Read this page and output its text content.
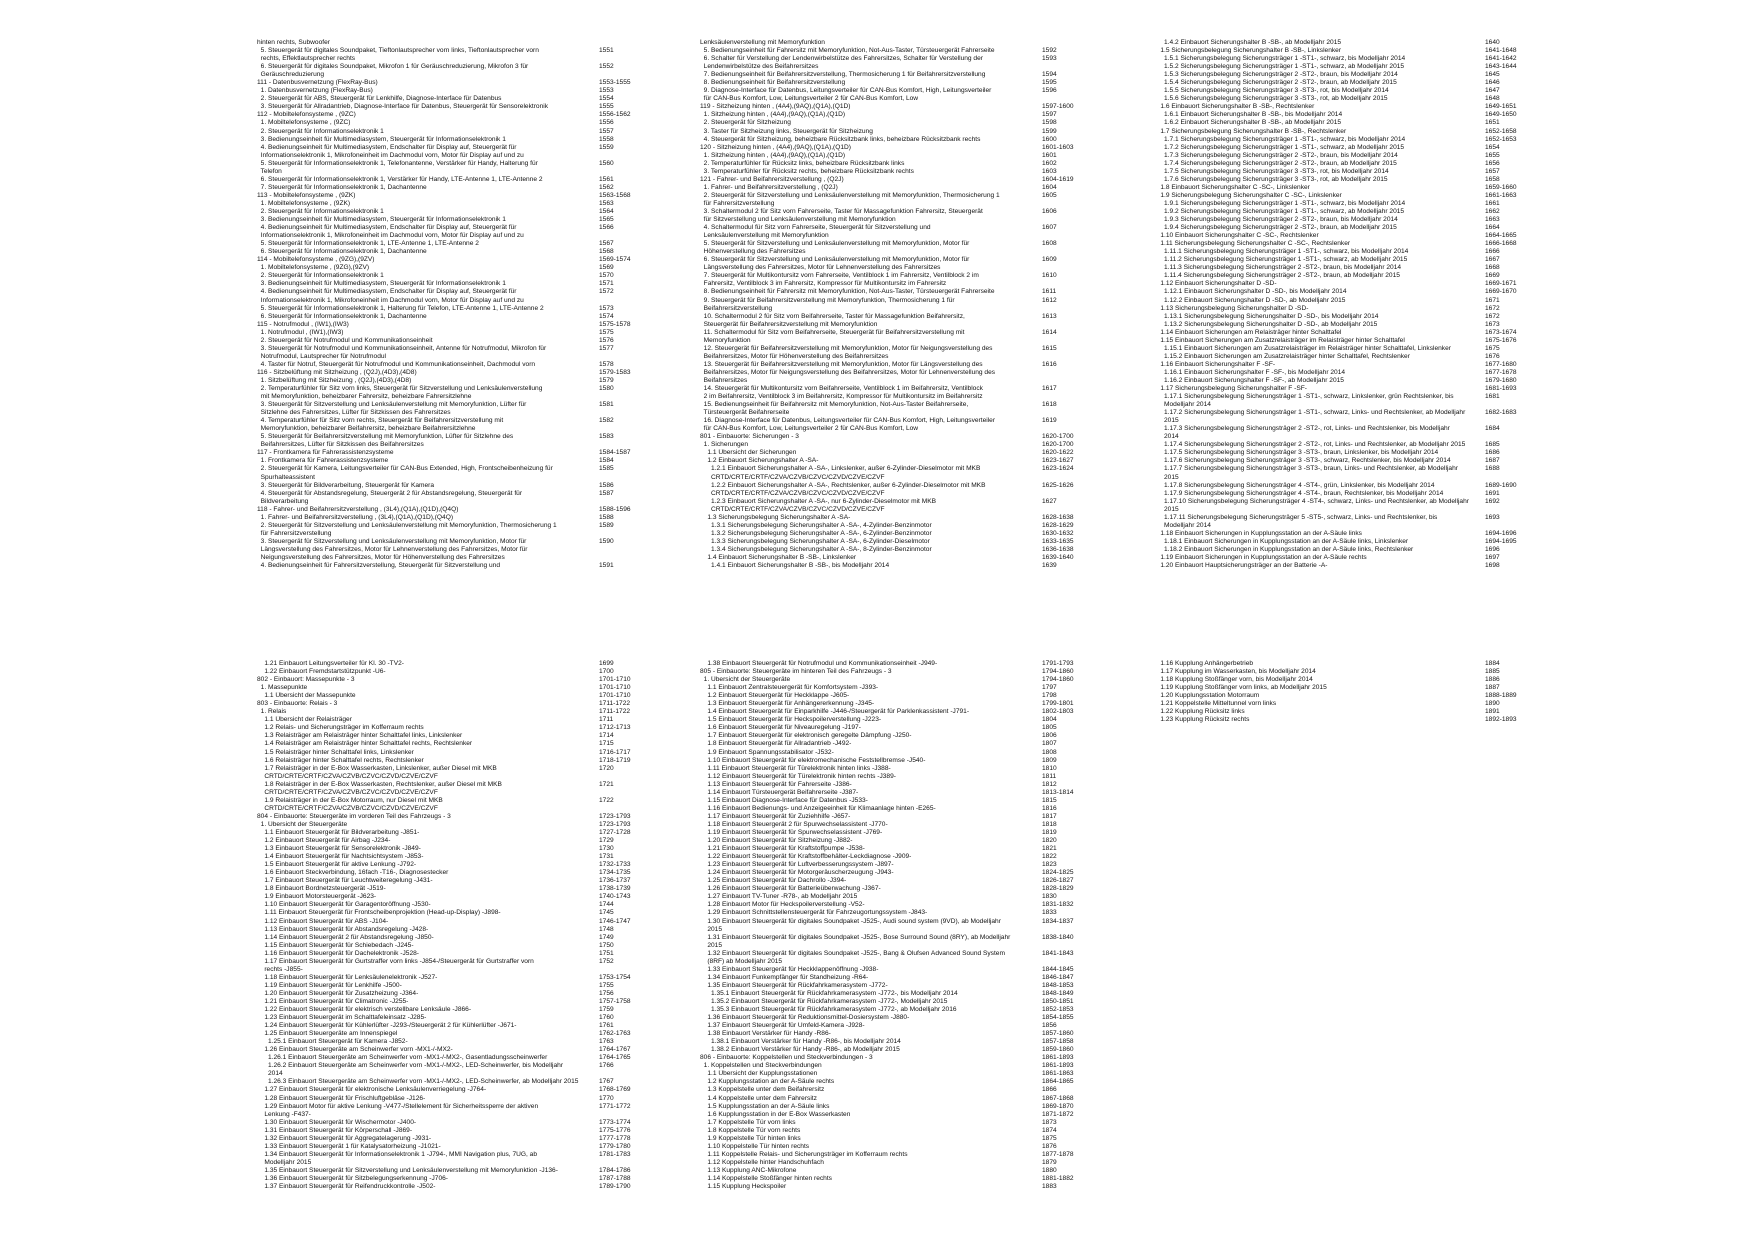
hinten rechts, Subwoofer
5. Steuergerät für digitales Soundpaket, Tieftonlautsprecher vorn links, Tieftonlautsprecher vorn	1551
rechts, Effektlautsprecher rechts
6. Steuergerät für digitales Soundpaket, Mikrofon 1 für Geräuschreduzierung, Mikrofon 3 für	1552
Geräuschreduzierung
111 - Datenbusvernetzung (FlexRay-Bus)	1553-1555
1. Datenbusvernetzung (FlexRay-Bus)	1553
2. Steuergerät für ABS, Steuergerät für Lenkhilfe, Diagnose-Interface für Datenbus	1554
3. Steuergerät für Allradantrieb, Diagnose-Interface für Datenbus, Steuergerät für Sensorelektronik	1555
112 - Mobiltelefonsysteme , (9ZC)	1556-1562
1. Mobiltelefonsysteme , (9ZC)	1556
2. Steuergerät für Informationselektronik 1	1557
3. Bedienungseinheit für Multimediasystem, Steuergerät für Informationselektronik 1	1558
4. Bedienungseinheit für Multimediasystem, Endschalter für Display auf, Steuergerät für	1559
Informationselektronik 1, Mikrofoneinheit im Dachmodul vorn, Motor für Display auf und zu
5. Steuergerät für Informationselektronik 1, Telefonantenne, Verstärker für Handy, Halterung für	1560
Telefon
6. Steuergerät für Informationselektronik 1, Verstärker für Handy, LTE-Antenne 1, LTE-Antenne 2	1561
7. Steuergerät für Informationselektronik 1, Dachantenne	1562
113 - Mobiltelefonsysteme , (9ZK)	1563-1568
1. Mobiltelefonsysteme , (9ZK)	1563
2. Steuergerät für Informationselektronik 1	1564
3. Bedienungseinheit für Multimediasystem, Steuergerät für Informationselektronik 1	1565
4. Bedienungseinheit für Multimediasystem, Endschalter für Display auf, Steuergerät für	1566
Informationselektronik 1, Mikrofoneinheit im Dachmodul vorn, Motor für Display auf und zu
5. Steuergerät für Informationselektronik 1, LTE-Antenne 1, LTE-Antenne 2	1567
6. Steuergerät für Informationselektronik 1, Dachantenne	1568
114 - Mobiltelefonsysteme , (9ZG),(9ZV)	1569-1574
1. Mobiltelefonsysteme , (9ZG),(9ZV)	1569
2. Steuergerät für Informationselektronik 1	1570
3. Bedienungseinheit für Multimediasystem, Steuergerät für Informationselektronik 1	1571
4. Bedienungseinheit für Multimediasystem, Endschalter für Display auf, Steuergerät für	1572
Informationselektronik 1, Mikrofoneinheit im Dachmodul vorn, Motor für Display auf und zu
5. Steuergerät für Informationselektronik 1, Halterung für Telefon, LTE-Antenne 1, LTE-Antenne 2	1573
6. Steuergerät für Informationselektronik 1, Dachantenne	1574
115 - Notrufmodul , (IW1),(IW3)	1575-1578
1. Notrufmodul , (IW1),(IW3)	1575
2. Steuergerät für Notrufmodul und Kommunikationseinheit	1576
3. Steuergerät für Notrufmodul und Kommunikationseinheit, Antenne für Notrufmodul, Mikrofon für	1577
Notrufmodul, Lautsprecher für Notrufmodul
4. Taster für Notruf, Steuergerät für Notrufmodul und Kommunikationseinheit, Dachmodul vorn	1578
116 - Sitzbelüftung mit Sitzheizung , (Q2J),(4D3),(4D8)	1579-1583
1. Sitzbelüftung mit Sitzheizung , (Q2J),(4D3),(4D8)	1579
2. Temperaturfühler für Sitz vorn links, Steuergerät für Sitzverstellung und Lenksäulenverstellung	1580
mit Memoryfunktion, beheizbarer Fahrersitz, beheizbare Fahrersitzlehne
3. Steuergerät für Sitzverstellung und Lenksäulenverstellung mit Memoryfunktion, Lüfter für	1581
Sitzlehne des Fahrersitzes, Lüfter für Sitzkissen des Fahrersitzes
4. Temperaturfühler für Sitz vorn rechts, Steuergerät für Beifahrersitzverstellung mit	1582
Memoryfunktion, beheizbarer Beifahrersitz, beheizbare Beifahrersitzlehne
5. Steuergerät für Beifahrersitzverstellung mit Memoryfunktion, Lüfter für Sitzlehne des	1583
Beifahrersitzes, Lüfter für Sitzkissen des Beifahrersitzes
117 - Frontkamera für Fahrerassistenzsysteme	1584-1587
1. Frontkamera für Fahrerassistenzsysteme	1584
2. Steuergerät für Kamera, Leitungsverteiler für CAN-Bus Extended, High, Frontscheibenheizung für	1585
Spurhalteassistent
3. Steuergerät für Bildverarbeitung, Steuergerät für Kamera	1586
4. Steuergerät für Abstandsregelung, Steuergerät 2 für Abstandsregelung, Steuergerät für	1587
Bildverarbeitung
118 - Fahrer- und Beifahrersitzverstellung , (3L4),(Q1A),(Q1D),(Q4Q)	1588-1596
1. Fahrer- und Beifahrersitzverstellung , (3L4),(Q1A),(Q1D),(Q4Q)	1588
2. Steuergerät für Sitzverstellung und Lenksäulenverstellung mit Memoryfunktion, Thermosicherung 1	1589
für Fahrersitzverstellung
3. Steuergerät für Sitzverstellung und Lenksäulenverstellung mit Memoryfunktion, Motor für	1590
Längsverstellung des Fahrersitzes, Motor für Lehnenverstellung des Fahrersitzes, Motor für
Neigungsverstellung des Fahrersitzes, Motor für Höhenverstellung des Fahrersitzes
4. Bedienungseinheit für Fahrersitzverstellung, Steuergerät für Sitzverstellung und	1591
Lenksäulenverstellung mit Memoryfunktion
5. Bedienungseinheit für Fahrersitz mit Memoryfunktion, Not-Aus-Taster, Türsteuergerät Fahrerseite	1592
6. Schalter für Verstellung der Lendenwirbelstütze des Fahrersitzes, Schalter für Verstellung der	1593
Lendenwirbelstütze des Beifahrersitzes
7. Bedienungseinheit für Beifahrersitzverstellung, Thermosicherung 1 für Beifahrersitzverstellung	1594
8. Bedienungseinheit für Beifahrersitzverstellung	1595
9. Diagnose-Interface für Datenbus, Leitungsverteiler für CAN-Bus Komfort, High, Leitungsverteiler	1596
für CAN-Bus Komfort, Low, Leitungsverteiler 2 für CAN-Bus Komfort, Low
119 - Sitzheizung hinten , (4A4),(9AQ),(Q1A),(Q1D)	1597-1600
1. Sitzheizung hinten , (4A4),(9AQ),(Q1A),(Q1D)	1597
2. Steuergerät für Sitzheizung	1598
3. Taster für Sitzheizung links, Steuergerät für Sitzheizung	1599
4. Steuergerät für Sitzheizung, beheizbare Rücksitzbank links, beheizbare Rücksitzbank rechts	1600
120 - Sitzheizung hinten , (4A4),(9AQ),(Q1A),(Q1D)	1601-1603
1. Sitzheizung hinten , (4A4),(9AQ),(Q1A),(Q1D)	1601
2. Temperaturfühler für Rücksitz links, beheizbare Rücksitzbank links	1602
3. Temperaturfühler für Rücksitz rechts, beheizbare Rücksitzbank rechts	1603
121 - Fahrer- und Beifahrersitzverstellung , (Q2J)	1604-1619
1. Fahrer- und Beifahrersitzverstellung , (Q2J)	1604
2. Steuergerät für Sitzverstellung und Lenksäulenverstellung mit Memoryfunktion, Thermosicherung 1	1605
für Fahrersitzverstellung
3. Schaltermodul 2 für Sitz vorn Fahrerseite, Taster für Massagefunktion Fahrersitz, Steuergerät	1606
für Sitzverstellung und Lenksäulenverstellung mit Memoryfunktion
4. Schaltermodul für Sitz vorn Fahrerseite, Steuergerät für Sitzverstellung und	1607
Lenksäulenverstellung mit Memoryfunktion
5. Steuergerät für Sitzverstellung und Lenksäulenverstellung mit Memoryfunktion, Motor für	1608
Höhenverstellung des Fahrersitzes
6. Steuergerät für Sitzverstellung und Lenksäulenverstellung mit Memoryfunktion, Motor für	1609
Längsverstellung des Fahrersitzes, Motor für Lehnenverstellung des Fahrersitzes
7. Steuergerät für Multikontursitz vorn Fahrerseite, Ventilblock 1 im Fahrersitz, Ventilblock 2 im	1610
Fahrersitz, Ventilblock 3 im Fahrersitz, Kompressor für Multikontursitz im Fahrersitz
8. Bedienungseinheit für Fahrersitz mit Memoryfunktion, Not-Aus-Taster, Türsteuergerät Fahrerseite	1611
9. Steuergerät für Beifahrersitzverstellung mit Memoryfunktion, Thermosicherung 1 für	1612
Beifahrersitzverstellung
10. Schaltermodul 2 für Sitz vorn Beifahrerseite, Taster für Massagefunktion Beifahrersitz,	1613
Steuergerät für Beifahrersitzverstellung mit Memoryfunktion
11. Schaltermodul für Sitz vorn Beifahrerseite, Steuergerät für Beifahrersitzverstellung mit	1614
Memoryfunktion
12. Steuergerät für Beifahrersitzverstellung mit Memoryfunktion, Motor für Neigungsverstellung des	1615
Beifahrersitzes, Motor für Höhenverstellung des Beifahrersitzes
13. Steuergerät für Beifahrersitzverstellung mit Memoryfunktion, Motor für Längsverstellung des	1616
Beifahrersitzes, Motor für Neigungsverstellung des Beifahrersitzes, Motor für Lehnenverstellung des
Beifahrersitzes
14. Steuergerät für Multikontursitz vorn Beifahrerseite, Ventilblock 1 im Beifahrersitz, Ventilblock	1617
2 im Beifahrersitz, Ventilblock 3 im Beifahrersitz, Kompressor für Multikontursitz im Beifahrersitz
15. Bedienungseinheit für Beifahrersitz mit Memoryfunktion, Not-Aus-Taster Beifahrerseite,	1618
Türsteuergerät Beifahrerseite
16. Diagnose-Interface für Datenbus, Leitungsverteiler für CAN-Bus Komfort, High, Leitungsverteiler	1619
für CAN-Bus Komfort, Low, Leitungsverteiler 2 für CAN-Bus Komfort, Low
801 - Einbauorte: Sicherungen - 3	1620-1700
1. Sicherungen	1620-1700
1.1 Übersicht der Sicherungen	1620-1622
1.2 Einbauort Sicherungshalter A -SA-	1623-1627
1.2.1 Einbauort Sicherungshalter A -SA-, Linkslenker, außer 6-Zylinder-Dieselmotor mit MKB	1623-1624
CRTD/CRTE/CRTF/CZVA/CZVB/CZVC/CZVD/CZVE/CZVF
1.2.2 Einbauort Sicherungshalter A -SA-, Rechtslenker, außer 6-Zylinder-Dieselmotor mit MKB	1625-1626
CRTD/CRTE/CRTF/CZVA/CZVB/CZVC/CZVD/CZVE/CZVF
1.2.3 Einbauort Sicherungshalter A -SA-, nur 6-Zylinder-Dieselmotor mit MKB	1627
CRTD/CRTE/CRTF/CZVA/CZVB/CZVC/CZVD/CZVE/CZVF
1.3 Sicherungsbelegung Sicherungshalter A -SA-	1628-1638
1.3.1 Sicherungsbelegung Sicherungshalter A -SA-, 4-Zylinder-Benzinmotor	1628-1629
1.3.2 Sicherungsbelegung Sicherungshalter A -SA-, 6-Zylinder-Benzinmotor	1630-1632
1.3.3 Sicherungsbelegung Sicherungshalter A -SA-, 6-Zylinder-Dieselmotor	1633-1635
1.3.4 Sicherungsbelegung Sicherungshalter A -SA-, 8-Zylinder-Benzinmotor	1636-1638
1.4 Einbauort Sicherungshalter B -SB-, Linkslenker	1639-1640
1.4.1 Einbauort Sicherungshalter B -SB-, bis Modelljahr 2014	1639
1.4.2 Einbauort Sicherungshalter B -SB-, ab Modelljahr 2015	1640
1.5 Sicherungsbelegung Sicherungshalter B -SB-, Linkslenker	1641-1648
1.5.1 Sicherungsbelegung Sicherungsträger 1 -ST1-, schwarz, bis Modelljahr 2014	1641-1642
1.5.2 Sicherungsbelegung Sicherungsträger 1 -ST1-, schwarz, ab Modelljahr 2015	1643-1644
1.5.3 Sicherungsbelegung Sicherungsträger 2 -ST2-, braun, bis Modelljahr 2014	1645
1.5.4 Sicherungsbelegung Sicherungsträger 2 -ST2-, braun, ab Modelljahr 2015	1646
1.5.5 Sicherungsbelegung Sicherungsträger 3 -ST3-, rot, bis Modelljahr 2014	1647
1.5.6 Sicherungsbelegung Sicherungsträger 3 -ST3-, rot, ab Modelljahr 2015	1648
1.6 Einbauort Sicherungshalter B -SB-, Rechtslenker	1649-1651
1.6.1 Einbauort Sicherungshalter B -SB-, bis Modelljahr 2014	1649-1650
1.6.2 Einbauort Sicherungshalter B -SB-, ab Modelljahr 2015	1651
1.7 Sicherungsbelegung Sicherungshalter B -SB-, Rechtslenker	1652-1658
1.7.1 Sicherungsbelegung Sicherungsträger 1 -ST1-, schwarz, bis Modelljahr 2014	1652-1653
1.7.2 Sicherungsbelegung Sicherungsträger 1 -ST1-, schwarz, ab Modelljahr 2015	1654
1.7.3 Sicherungsbelegung Sicherungsträger 2 -ST2-, braun, bis Modelljahr 2014	1655
1.7.4 Sicherungsbelegung Sicherungsträger 2 -ST2-, braun, ab Modelljahr 2015	1656
1.7.5 Sicherungsbelegung Sicherungsträger 3 -ST3-, rot, bis Modelljahr 2014	1657
1.7.6 Sicherungsbelegung Sicherungsträger 3 -ST3-, rot, ab Modelljahr 2015	1658
1.8 Einbauort Sicherungshalter C -SC-, Linkslenker	1659-1660
1.9 Sicherungsbelegung Sicherungshalter C -SC-, Linkslenker	1661-1663
1.9.1 Sicherungsbelegung Sicherungsträger 1 -ST1-, schwarz, bis Modelljahr 2014	1661
1.9.2 Sicherungsbelegung Sicherungsträger 1 -ST1-, schwarz, ab Modelljahr 2015	1662
1.9.3 Sicherungsbelegung Sicherungsträger 2 -ST2-, braun, bis Modelljahr 2014	1663
1.9.4 Sicherungsbelegung Sicherungsträger 2 -ST2-, braun, ab Modelljahr 2015	1664
1.10 Einbauort Sicherungshalter C -SC-, Rechtslenker	1664-1665
1.11 Sicherungsbelegung Sicherungshalter C -SC-, Rechtslenker	1666-1668
1.11.1 Sicherungsbelegung Sicherungsträger 1 -ST1-, schwarz, bis Modelljahr 2014	1666
1.11.2 Sicherungsbelegung Sicherungsträger 1 -ST1-, schwarz, ab Modelljahr 2015	1667
1.11.3 Sicherungsbelegung Sicherungsträger 2 -ST2-, braun, bis Modelljahr 2014	1668
1.11.4 Sicherungsbelegung Sicherungsträger 2 -ST2-, braun, ab Modelljahr 2015	1669
1.12 Einbauort Sicherungshalter D -SD-	1669-1671
1.12.1 Einbauort Sicherungshalter D -SD-, bis Modelljahr 2014	1669-1670
1.12.2 Einbauort Sicherungshalter D -SD-, ab Modelljahr 2015	1671
1.13 Sicherungsbelegung Sicherungshalter D -SD-	1672
1.13.1 Sicherungsbelegung Sicherungshalter D -SD-, bis Modelljahr 2014	1672
1.13.2 Sicherungsbelegung Sicherungshalter D -SD-, ab Modelljahr 2015	1673
1.14 Einbauort Sicherungen am Relaisträger hinter Schalttafel	1673-1674
1.15 Einbauort Sicherungen am Zusatzrelaisträger im Relaisträger hinter Schalttafel	1675-1676
1.15.1 Einbauort Sicherungen am Zusatzrelaisträger im Relaisträger hinter Schalttafel, Linkslenker	1675
1.15.2 Einbauort Sicherungen am Zusatzrelaisträger hinter Schalttafel, Rechtslenker	1676
1.16 Einbauort Sicherungshalter F -SF-	1677-1680
1.16.1 Einbauort Sicherungshalter F -SF-, bis Modelljahr 2014	1677-1678
1.16.2 Einbauort Sicherungshalter F -SF-, ab Modelljahr 2015	1679-1680
1.17 Sicherungsbelegung Sicherungshalter F -SF-	1681-1693
1.17.1 Sicherungsbelegung Sicherungsträger 1 -ST1-, schwarz, Linkslenker, grün Rechtslenker, bis	1681
Modelljahr 2014
1.17.2 Sicherungsbelegung Sicherungsträger 1 -ST1-, schwarz, Links- und Rechtslenker, ab Modelljahr	1682-1683
2015
1.17.3 Sicherungsbelegung Sicherungsträger 2 -ST2-, rot, Links- und Rechtslenker, bis Modelljahr	1684
2014
1.17.4 Sicherungsbelegung Sicherungsträger 2 -ST2-, rot, Links- und Rechtslenker, ab Modelljahr 2015	1685
1.17.5 Sicherungsbelegung Sicherungsträger 3 -ST3-, braun, Linkslenker, bis Modelljahr 2014	1686
1.17.6 Sicherungsbelegung Sicherungsträger 3 -ST3-, schwarz, Rechtslenker, bis Modelljahr 2014	1687
1.17.7 Sicherungsbelegung Sicherungsträger 3 -ST3-, braun, Links- und Rechtslenker, ab Modelljahr	1688
2015
1.17.8 Sicherungsbelegung Sicherungsträger 4 -ST4-, grün, Linkslenker, bis Modelljahr 2014	1689-1690
1.17.9 Sicherungsbelegung Sicherungsträger 4 -ST4-, braun, Rechtslenker, bis Modelljahr 2014	1691
1.17.10 Sicherungsbelegung Sicherungsträger 4 -ST4-, schwarz, Links- und Rechtslenker, ab Modelljahr	1692
2015
1.17.11 Sicherungsbelegung Sicherungsträger 5 -ST5-, schwarz, Links- und Rechtslenker, bis	1693
Modelljahr 2014
1.18 Einbauort Sicherungen in Kupplungsstation an der A-Säule links	1694-1696
1.18.1 Einbauort Sicherungen in Kupplungsstation an der A-Säule links, Linkslenker	1694-1695
1.18.2 Einbauort Sicherungen in Kupplungsstation an der A-Säule links, Rechtslenker	1696
1.19 Einbauort Sicherungen in Kupplungsstation an der A-Säule rechts	1697
1.20 Einbauort Hauptsicherungsträger an der Batterie -A-	1698
1.21 Einbauort Leitungsverteiler für Kl. 30 -TV2-	1699
1.22 Einbauort Fremdstartstützpunkt -U6-	1700
802 - Einbauort: Massepunkte - 3	1701-1710
1. Massepunkte	1701-1710
1.1 Übersicht der Massepunkte	1701-1710
803 - Einbauorte: Relais - 3	1711-1722
1. Relais	1711-1722
1.1 Übersicht der Relaisträger	1711
1.2 Relais- und Sicherungsträger im Kofferraum rechts	1712-1713
1.3 Relaisträger am Relaisträger hinter Schalttafel links, Linkslenker	1714
1.4 Relaisträger am Relaisträger hinter Schalttafel rechts, Rechtslenker	1715
1.5 Relaisträger hinter Schalttafel links, Linkslenker	1716-1717
1.6 Relaisträger hinter Schalttafel rechts, Rechtslenker	1718-1719
1.7 Relaisträger in der E-Box Wasserkasten, Linkslenker, außer Diesel mit MKB	1720
CRTD/CRTE/CRTF/CZVA/CZVB/CZVC/CZVD/CZVE/CZVF
1.8 Relaisträger in der E-Box Wasserkasten, Rechtslenker, außer Diesel mit MKB	1721
CRTD/CRTE/CRTF/CZVA/CZVB/CZVC/CZVD/CZVE/CZVF
1.9 Relaisträger in der E-Box Motorraum, nur Diesel mit MKB	1722
CRTD/CRTE/CRTF/CZVA/CZVB/CZVC/CZVD/CZVE/CZVF
804 - Einbauorte: Steuergeräte im vorderen Teil des Fahrzeugs - 3	1723-1793
1. Übersicht der Steuergeräte	1723-1793
1.1 Einbauort Steuergerät für Bildverarbeitung -J851-	1727-1728
1.2 Einbauort Steuergerät für Airbag -J234-	1729
1.3 Einbauort Steuergerät für Sensorelektronik -J849-	1730
1.4 Einbauort Steuergerät für Nachtsichtsystem -J853-	1731
1.5 Einbauort Steuergerät für aktive Lenkung -J792-	1732-1733
1.6 Einbauort Steckverbindung, 16fach -T16-, Diagnosestecker	1734-1735
1.7 Einbauort Steuergerät für Leuchtweiteregelung -J431-	1736-1737
1.8 Einbauort Bordnetzsteuergerät -J519-	1738-1739
1.9 Einbauort Motorsteuergerät -J623-	1740-1743
1.10 Einbauort Steuergerät für Garagentoröffnung -J530-	1744
1.11 Einbauort Steuergerät für Frontscheibenprojektion (Head-up-Display) -J898-	1745
1.12 Einbauort Steuergerät für ABS -J104-	1746-1747
1.13 Einbauort Steuergerät für Abstandsregelung -J428-	1748
1.14 Einbauort Steuergerät 2 für Abstandsregelung -J850-	1749
1.15 Einbauort Steuergerät für Schiebedach -J245-	1750
1.16 Einbauort Steuergerät für Dachelektronik -J528-	1751
1.17 Einbauort Steuergerät für Gurtstraffer vorn links -J854-/Steuergerät für Gurtstraffer vorn	1752
rechts -J855-
1.18 Einbauort Steuergerät für Lenksäulenelektronik -J527-	1753-1754
1.19 Einbauort Steuergerät für Lenkhilfe -J500-	1755
1.20 Einbauort Steuergerät für Zusatzheizung -J364-	1756
1.21 Einbauort Steuergerät für Climatronic -J255-	1757-1758
1.22 Einbauort Steuergerät für elektrisch verstellbare Lenksäule -J866-	1759
1.23 Einbauort Steuergerät im Schalttafeleinsatz -J285-	1760
1.24 Einbauort Steuergerät für Kühlerlüfter -J293-/Steuergerät 2 für Kühlerlüfter -J671-	1761
1.25 Einbauort Steuergeräte am Innenspiegel	1762-1763
1.25.1 Einbauort Steuergerät für Kamera -J852-	1763
1.26 Einbauort Steuergeräte am Scheinwerfer vorn -MX1-/-MX2-	1764-1767
1.26.1 Einbauort Steuergeräte am Scheinwerfer vorn -MX1-/-MX2-, Gasentladungsscheinwerfer	1764-1765
1.26.2 Einbauort Steuergeräte am Scheinwerfer vorn -MX1-/-MX2-, LED-Scheinwerfer, bis Modelljahr	1766
2014
1.26.3 Einbauort Steuergeräte am Scheinwerfer vorn -MX1-/-MX2-, LED-Scheinwerfer, ab Modelljahr 2015	1767
1.27 Einbauort Steuergerät für elektronische Lenksäulenverriegelung -J764-	1768-1769
1.28 Einbauort Steuergerät für Frischluftgebläse -J126-	1770
1.29 Einbauort Motor für aktive Lenkung -V477-/Stellelement für Sicherheitssperre der aktiven	1771-1772
Lenkung -F437-
1.30 Einbauort Steuergerät für Wischermotor -J400-	1773-1774
1.31 Einbauort Steuergerät für Körperschall -J869-	1775-1776
1.32 Einbauort Steuergerät für Aggregatelagerung -J931-	1777-1778
1.33 Einbauort Steuergerät 1 für Katalysatorheizung -J1021-	1779-1780
1.34 Einbauort Steuergerät für Informationselektronik 1 -J794-, MMI Navigation plus, 7UG, ab	1781-1783
Modelljahr 2015
1.35 Einbauort Steuergerät für Sitzverstellung und Lenksäulenverstellung mit Memoryfunktion -J136-	1784-1786
1.36 Einbauort Steuergerät für Sitzbelegungserkennung -J706-	1787-1788
1.37 Einbauort Steuergerät für Reifendruckkontrolle -J502-	1789-1790
1.38 Einbauort Steuergerät für Notrufmodul und Kommunikationseinheit -J949-	1791-1793
805 - Einbauorte: Steuergeräte im hinteren Teil des Fahrzeugs - 3	1794-1860
1. Übersicht der Steuergeräte	1794-1860
1.1 Einbauort Zentralsteuergerät für Komfortsystem -J393-	1797
1.2 Einbauort Steuergerät für Heckklappe -J605-	1798
1.3 Einbauort Steuergerät für Anhängererkennung -J345-	1799-1801
1.4 Einbauort Steuergerät für Einparkhilfe -J446-/Steuergerät für Parklenkassistent -J791-	1802-1803
1.5 Einbauort Steuergerät für Heckspoilerverstellung -J223-	1804
1.6 Einbauort Steuergerät für Niveauregelung -J197-	1805
1.7 Einbauort Steuergerät für elektronisch geregelte Dämpfung -J250-	1806
1.8 Einbauort Steuergerät für Allradantrieb -J492-	1807
1.9 Einbauort Spannungsstabilisator -J532-	1808
1.10 Einbauort Steuergerät für elektromechanische Feststellbremse -J540-	1809
1.11 Einbauort Steuergerät für Türelektronik hinten links -J388-	1810
1.12 Einbauort Steuergerät für Türelektronik hinten rechts -J389-	1811
1.13 Einbauort Steuergerät für Fahrerseite -J386-	1812
1.14 Einbauort Türsteuergerät Beifahrerseite -J387-	1813-1814
1.15 Einbauort Diagnose-Interface für Datenbus -J533-	1815
1.16 Einbauort Bedienungs- und Anzeigeeinheit für Klimaanlage hinten -E265-	1816
1.17 Einbauort Steuergerät für Zuziehhilfe -J657-	1817
1.18 Einbauort Steuergerät 2 für Spurwechselassistent -J770-	1818
1.19 Einbauort Steuergerät für Spurwechselassistent -J769-	1819
1.20 Einbauort Steuergerät für Sitzheizung -J882-	1820
1.21 Einbauort Steuergerät für Kraftstoffpumpe -J538-	1821
1.22 Einbauort Steuergerät für Kraftstoffbehälter-Leckdiagnose -J909-	1822
1.23 Einbauort Steuergerät für Luftverbesserungssystem -J897-	1823
1.24 Einbauort Steuergerät für Motorgeräuscherzeugung -J943-	1824-1825
1.25 Einbauort Steuergerät für Dachrollo -J394-	1826-1827
1.26 Einbauort Steuergerät für Batterieüberwachung -J367-	1828-1829
1.27 Einbauort TV-Tuner -R78-, ab Modelljahr 2015	1830
1.28 Einbauort Motor für Heckspoilerverstellung -V52-	1831-1832
1.29 Einbauort Schnittstellensteuergerät für Fahrzeugortungssystem -J843-	1833
1.30 Einbauort Steuergerät für digitales Soundpaket -J525-, Audi sound system (9VD), ab Modelljahr	1834-1837
2015
1.31 Einbauort Steuergerät für digitales Soundpaket -J525-, Bose Surround Sound (8RY), ab Modelljahr	1838-1840
2015
1.32 Einbauort Steuergerät für digitales Soundpaket -J525-, Bang & Olufsen Advanced Sound System	1841-1843
(8RF) ab Modelljahr 2015
1.33 Einbauort Steuergerät für Heckklappenöffnung -J938-	1844-1845
1.34 Einbauort Funkempfänger für Standheizung -R64-	1846-1847
1.35 Einbauort Steuergerät für Rückfahrkamerasystem -J772-	1848-1853
1.35.1 Einbauort Steuergerät für Rückfahrkamerasystem -J772-, bis Modelljahr 2014	1848-1849
1.35.2 Einbauort Steuergerät für Rückfahrkamerasystem -J772-, Modelljahr 2015	1850-1851
1.35.3 Einbauort Steuergerät für Rückfahrkamerasystem -J772-, ab Modelljahr 2016	1852-1853
1.36 Einbauort Steuergerät für Reduktionsmittel-Dosiersystem -J880-	1854-1855
1.37 Einbauort Steuergerät für Umfeld-Kamera -J928-	1856
1.38 Einbauort Verstärker für Handy -R86-	1857-1860
1.38.1 Einbauort Verstärker für Handy -R86-, bis Modelljahr 2014	1857-1858
1.38.2 Einbauort Verstärker für Handy -R86-, ab Modelljahr 2015	1859-1860
806 - Einbauorte: Koppelstellen und Steckverbindungen - 3	1861-1893
1. Koppelstellen und Steckverbindungen	1861-1893
1.1 Übersicht der Kupplungsstationen	1861-1863
1.2 Kupplungsstation an der A-Säule rechts	1864-1865
1.3 Koppelstelle unter dem Beifahrersitz	1866
1.4 Koppelstelle unter dem Fahrersitz	1867-1868
1.5 Kupplungsstation an der A-Säule links	1869-1870
1.6 Kupplungsstation in der E-Box Wasserkasten	1871-1872
1.7 Koppelstelle Tür vorn links	1873
1.8 Koppelstelle Tür vorn rechts	1874
1.9 Koppelstelle Tür hinten links	1875
1.10 Koppelstelle Tür hinten rechts	1876
1.11 Koppelstelle Relais- und Sicherungsträger im Kofferraum rechts	1877-1878
1.12 Koppelstelle hinter Handschuhfach	1879
1.13 Kupplung ANC-Mikrofone	1880
1.14 Koppelstelle Stoßfänger hinten rechts	1881-1882
1.15 Kupplung Heckspoiler	1883
1.16 Kupplung Anhängerbetrieb	1884
1.17 Kupplung im Wasserkasten, bis Modelljahr 2014	1885
1.18 Kupplung Stoßfänger vorn, bis Modelljahr 2014	1886
1.19 Kupplung Stoßfänger vorn links, ab Modelljahr 2015	1887
1.20 Kupplungsstation Motorraum	1888-1889
1.21 Koppelstelle Mitteltunnel vorn links	1890
1.22 Kupplung Rücksitz links	1891
1.23 Kupplung Rücksitz rechts	1892-1893
